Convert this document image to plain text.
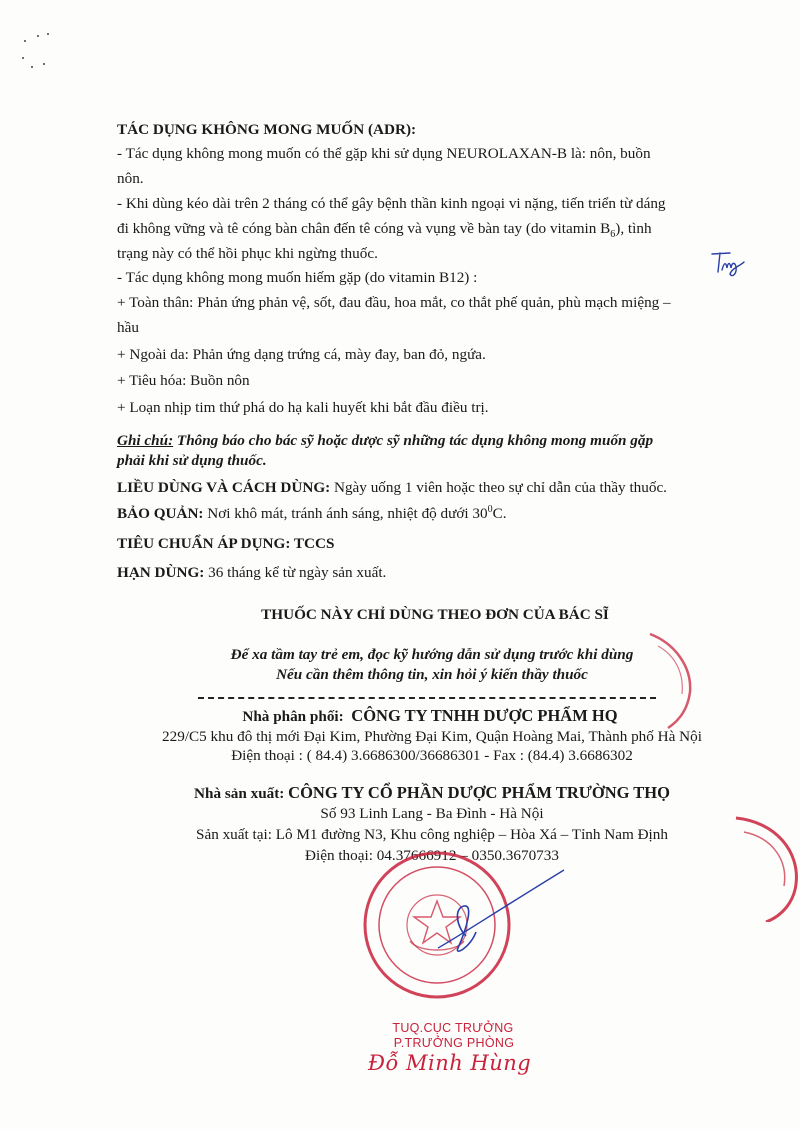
TÁC DỤNG KHÔNG MONG MUỐN (ADR):
- Tác dụng không mong muốn có thể gặp khi sử dụng NEUROLAXAN-B là: nôn, buồn
nôn.
- Khi dùng kéo dài trên 2 tháng có thể gây bệnh thần kinh ngoại vi nặng, tiến triển từ dáng
đi không vững và tê cóng bàn chân đến tê cóng và vụng về bàn tay (do vitamin $B_6$), tình
trạng này có thể hồi phục khi ngừng thuốc.
- Tác dụng không mong muốn hiếm gặp (do vitamin B12) :
+ Toàn thân: Phản ứng phản vệ, sốt, đau đầu, hoa mắt, co thắt phế quản, phù mạch miệng –
hầu
+ Ngoài da: Phản ứng dạng trứng cá, mày đay, ban đỏ, ngứa.
+ Tiêu hóa: Buồn nôn
+ Loạn nhịp tim thứ phá do hạ kali huyết khi bắt đầu điều trị.
Ghi chú: Thông báo cho bác sỹ hoặc dược sỹ những tác dụng không mong muốn gặp
phải khi sử dụng thuốc.
LIỀU DÙNG VÀ CÁCH DÙNG: Ngày uống 1 viên hoặc theo sự chỉ dẫn của thầy thuốc.
BẢO QUẢN: Nơi khô mát, tránh ánh sáng, nhiệt độ dưới $30^0C$.
TIÊU CHUẨN ÁP DỤNG: TCCS
HẠN DÙNG: 36 tháng kể từ ngày sản xuất.
THUỐC NÀY CHỈ DÙNG THEO ĐƠN CỦA BÁC SĨ
Để xa tầm tay trẻ em, đọc kỹ hướng dẫn sử dụng trước khi dùng
Nếu cần thêm thông tin, xin hỏi ý kiến thầy thuốc
Nhà phân phối: CÔNG TY TNHH DƯỢC PHẨM HQ
229/C5 khu đô thị mới Đại Kim, Phường Đại Kim, Quận Hoàng Mai, Thành phố Hà Nội
Điện thoại : ( 84.4) 3.6686300/36686301 - Fax : (84.4) 3.6686302
Nhà sản xuất: CÔNG TY CỔ PHẦN DƯỢC PHẨM TRƯỜNG THỌ
Số 93 Linh Lang - Ba Đình - Hà Nội
Sản xuất tại: Lô M1 đường N3, Khu công nghiệp – Hòa Xá – Tỉnh Nam Định
Điện thoại: 04.37666912 – 0350.3670733
TUQ.CỤC TRƯỞNG
P.TRƯỞNG PHÒNG
Đỗ Minh Hùng
